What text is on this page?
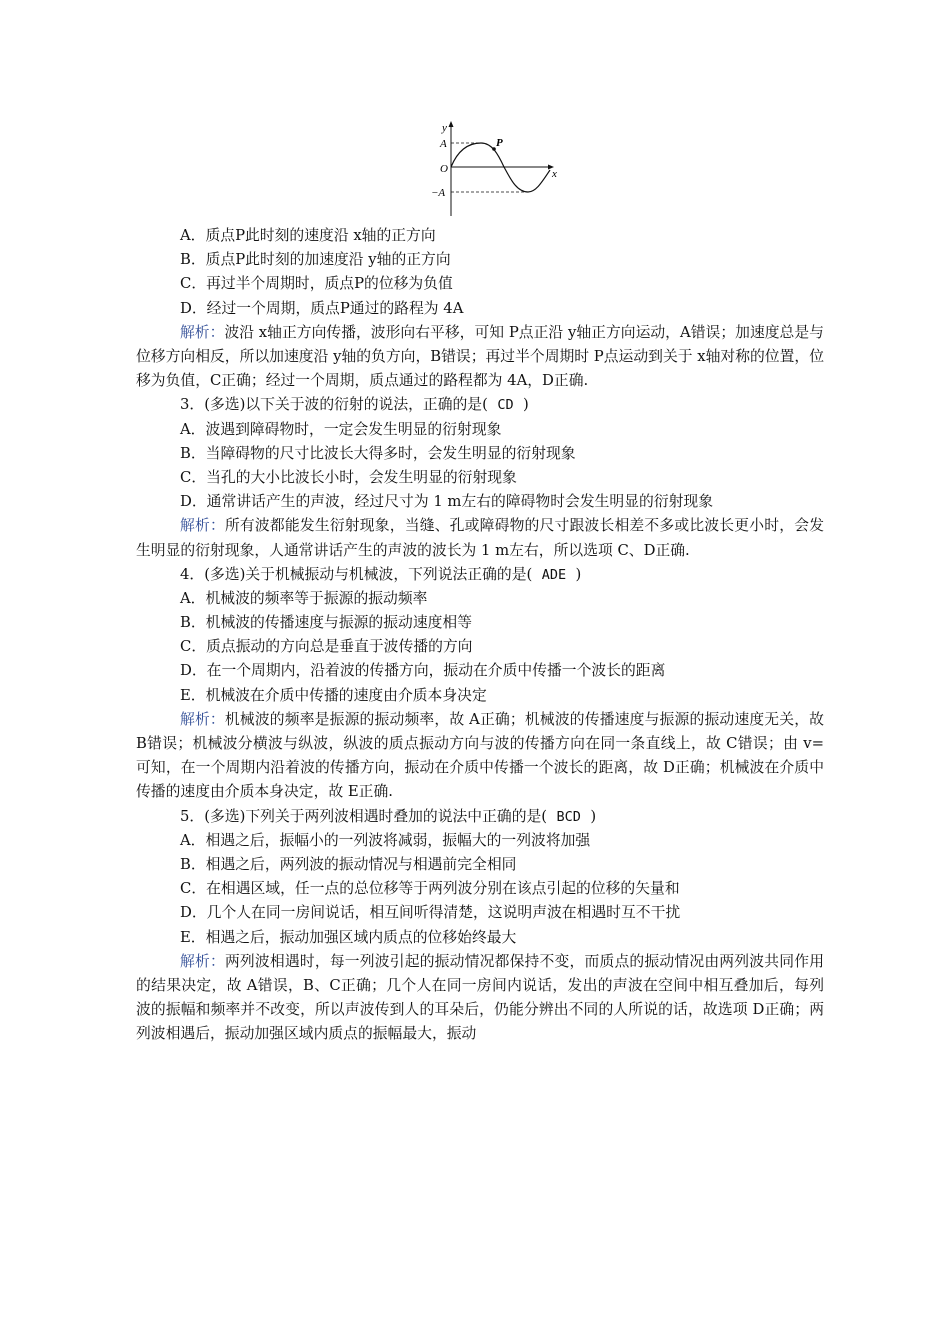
y
x
A
O
−A
P
A．质点P此时刻的速度沿 x轴的正方向
B．质点P此时刻的加速度沿 y轴的正方向
C．再过半个周期时，质点P的位移为负值
D．经过一个周期，质点P通过的路程为 4A
解析：波沿 x轴正方向传播，波形向右平移，可知 P点正沿 y轴正方向运动，A错误；加速度总是与位移方向相反，所以加速度沿 y轴的负方向，B错误；再过半个周期时 P点运动到关于 x轴对称的位置，位移为负值，C正确；经过一个周期，质点通过的路程都为 4A，D正确.
3．(多选)以下关于波的衍射的说法，正确的是( CD )
A．波遇到障碍物时，一定会发生明显的衍射现象
B．当障碍物的尺寸比波长大得多时，会发生明显的衍射现象
C．当孔的大小比波长小时，会发生明显的衍射现象
D．通常讲话产生的声波，经过尺寸为 1 m左右的障碍物时会发生明显的衍射现象
解析：所有波都能发生衍射现象，当缝、孔或障碍物的尺寸跟波长相差不多或比波长更小时，会发生明显的衍射现象，人通常讲话产生的声波的波长为 1 m左右，所以选项 C、D正确.
4．(多选)关于机械振动与机械波，下列说法正确的是( ADE )
A．机械波的频率等于振源的振动频率
B．机械波的传播速度与振源的振动速度相等
C．质点振动的方向总是垂直于波传播的方向
D．在一个周期内，沿着波的传播方向，振动在介质中传播一个波长的距离
E．机械波在介质中传播的速度由介质本身决定
解析：机械波的频率是振源的振动频率，故 A正确；机械波的传播速度与振源的振动速度无关，故 B错误；机械波分横波与纵波，纵波的质点振动方向与波的传播方向在同一条直线上，故 C错误；由 v=可知，在一个周期内沿着波的传播方向，振动在介质中传播一个波长的距离，故 D正确；机械波在介质中传播的速度由介质本身决定，故 E正确.
5．(多选)下列关于两列波相遇时叠加的说法中正确的是( BCD )
A．相遇之后，振幅小的一列波将减弱，振幅大的一列波将加强
B．相遇之后，两列波的振动情况与相遇前完全相同
C．在相遇区域，任一点的总位移等于两列波分别在该点引起的位移的矢量和
D．几个人在同一房间说话，相互间听得清楚，这说明声波在相遇时互不干扰
E．相遇之后，振动加强区域内质点的位移始终最大
解析：两列波相遇时，每一列波引起的振动情况都保持不变，而质点的振动情况由两列波共同作用的结果决定，故 A错误，B、C正确；几个人在同一房间内说话，发出的声波在空间中相互叠加后，每列波的振幅和频率并不改变，所以声波传到人的耳朵后，仍能分辨出不同的人所说的话，故选项 D正确；两列波相遇后，振动加强区域内质点的振幅最大，振动
